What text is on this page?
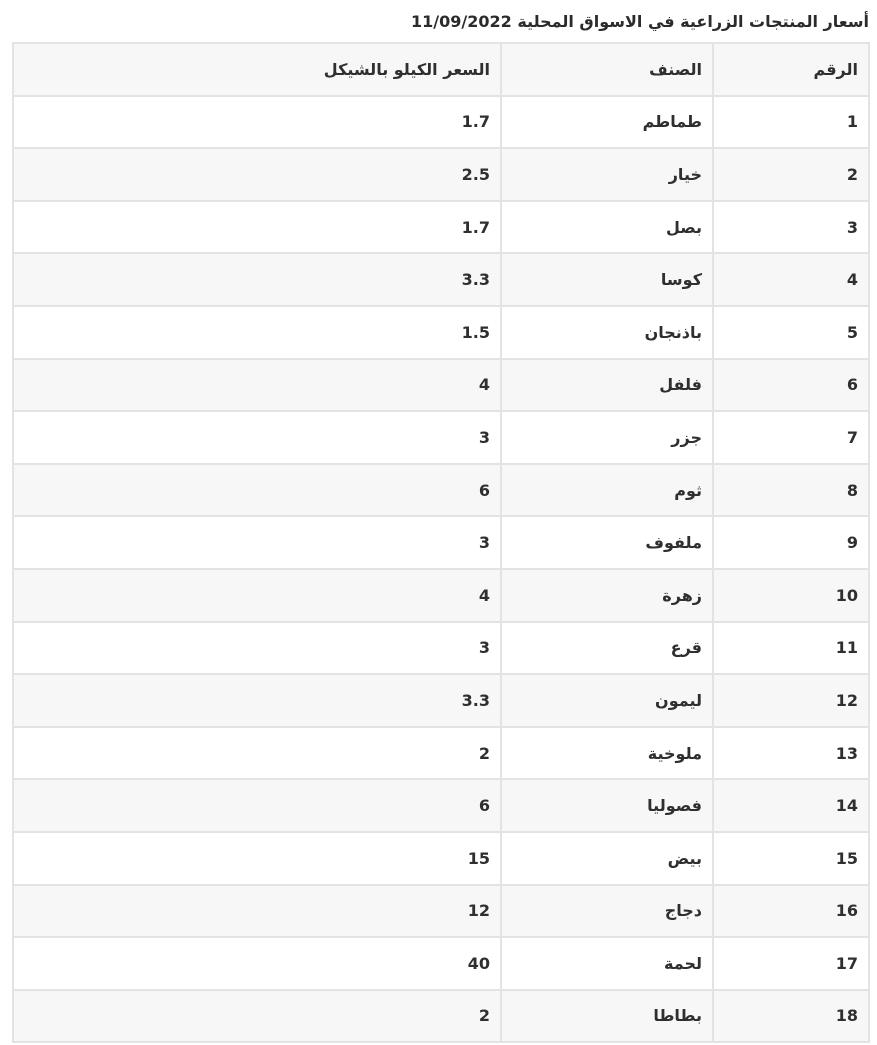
أسعار المنتجات الزراعية في الاسواق المحلية 11/09/2022
الرقم	الصنف	السعر الكيلو بالشيكل
1	طماطم	1.7
2	خيار	2.5
3	بصل	1.7
4	كوسا	3.3
5	باذنجان	1.5
6	فلفل	4
7	جزر	3
8	ثوم	6
9	ملفوف	3
10	زهرة	4
11	قرع	3
12	ليمون	3.3
13	ملوخية	2
14	فصوليا	6
15	بيض	15
16	دجاج	12
17	لحمة	40
18	بطاطا	2
